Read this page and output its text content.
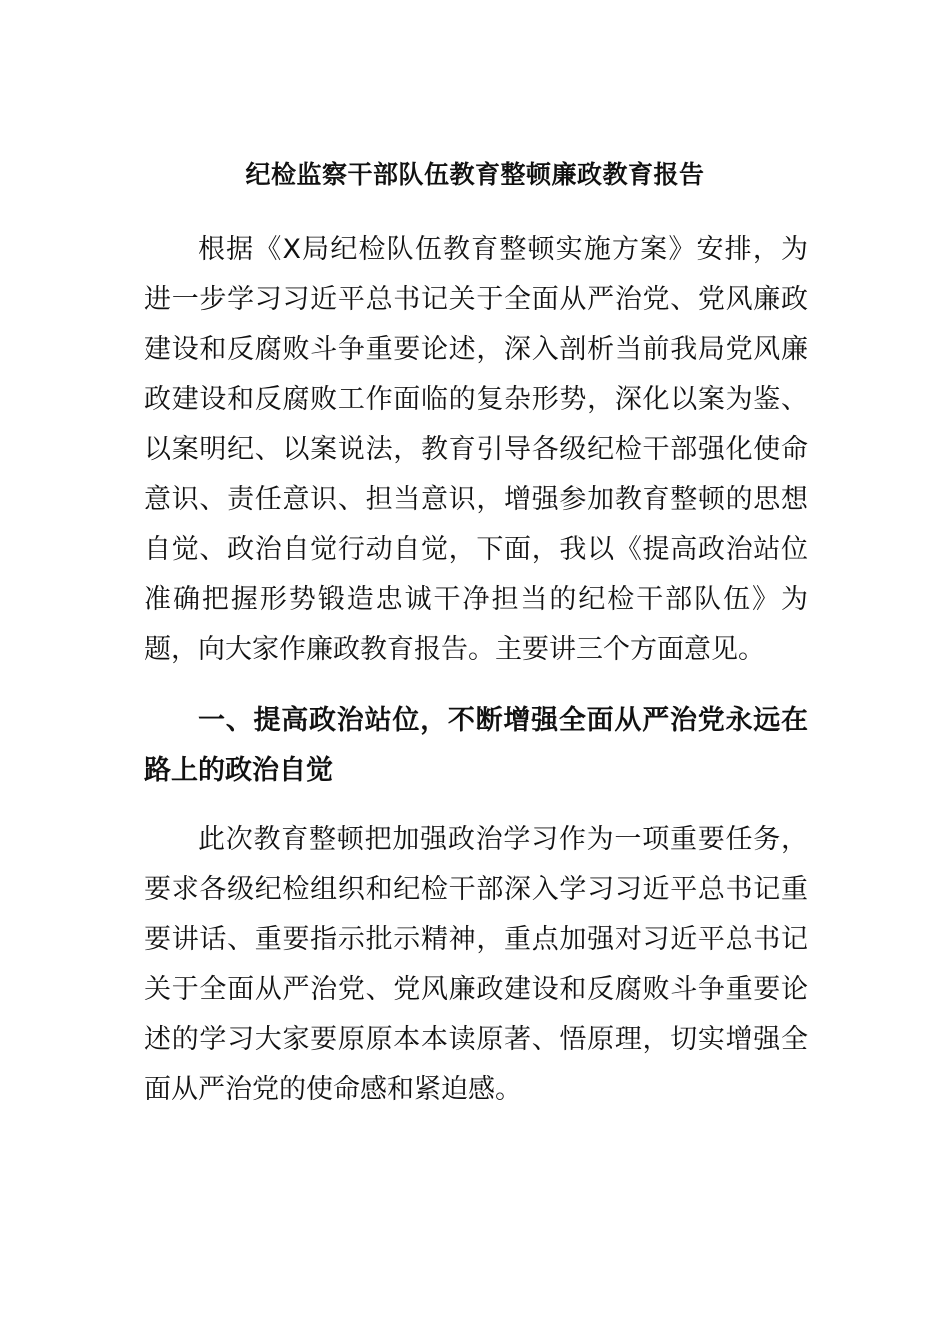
纪检监察干部队伍教育整顿廉政教育报告

根据《X局纪检队伍教育整顿实施方案》安排，为进一步学习习近平总书记关于全面从严治党、党风廉政建设和反腐败斗争重要论述，深入剖析当前我局党风廉政建设和反腐败工作面临的复杂形势，深化以案为鉴、以案明纪、以案说法，教育引导各级纪检干部强化使命意识、责任意识、担当意识，增强参加教育整顿的思想自觉、政治自觉行动自觉，下面，我以《提高政治站位准确把握形势锻造忠诚干净担当的纪检干部队伍》为题，向大家作廉政教育报告。主要讲三个方面意见。

一、提高政治站位，不断增强全面从严治党永远在路上的政治自觉

此次教育整顿把加强政治学习作为一项重要任务，要求各级纪检组织和纪检干部深入学习习近平总书记重要讲话、重要指示批示精神，重点加强对习近平总书记关于全面从严治党、党风廉政建设和反腐败斗争重要论述的学习大家要原原本本读原著、悟原理，切实增强全面从严治党的使命感和紧迫感。
